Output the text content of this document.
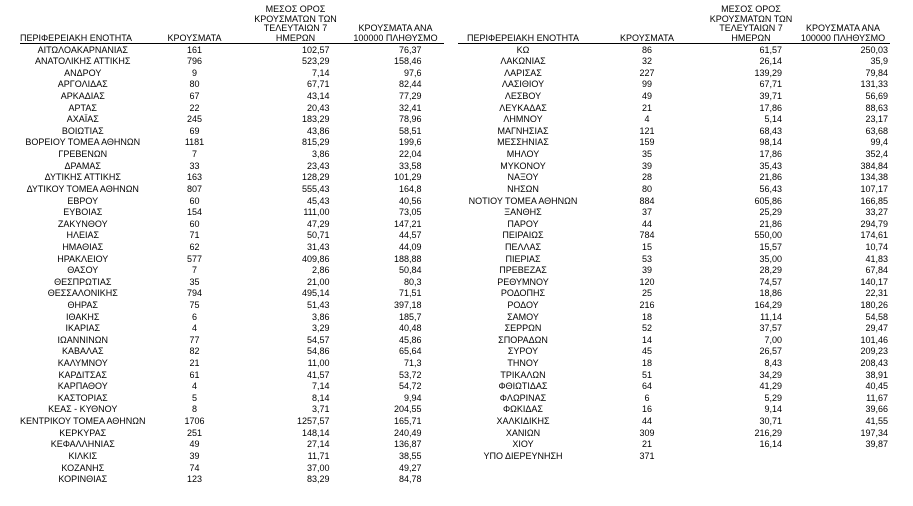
ΠΕΡΙΦΕΡΕΙΑΚΗ ΕΝΟΤΗΤΑ	ΚΡΟΥΣΜΑΤΑ	ΜΕΣΟΣ ΟΡΟΣ ΚΡΟΥΣΜΑΤΩΝ ΤΩΝ ΤΕΛΕΥΤΑΙΩΝ 7 ΗΜΕΡΩΝ	ΚΡΟΥΣΜΑΤΑ ΑΝΑ 100000 ΠΛΗΘΥΣΜΟ
ΑΙΤΩΛΟΑΚΑΡΝΑΝΙΑΣ	161	102,57	76,37
ΑΝΑΤΟΛΙΚΗΣ ΑΤΤΙΚΗΣ	796	523,29	158,46
ΑΝΔΡΟΥ	9	7,14	97,6
ΑΡΓΟΛΙΔΑΣ	80	67,71	82,44
ΑΡΚΑΔΙΑΣ	67	43,14	77,29
ΑΡΤΑΣ	22	20,43	32,41
ΑΧΑΪΑΣ	245	183,29	78,96
ΒΟΙΩΤΙΑΣ	69	43,86	58,51
ΒΟΡΕΙΟΥ ΤΟΜΕΑ ΑΘΗΝΩΝ	1181	815,29	199,6
ΓΡΕΒΕΝΩΝ	7	3,86	22,04
ΔΡΑΜΑΣ	33	23,43	33,58
ΔΥΤΙΚΗΣ ΑΤΤΙΚΗΣ	163	128,29	101,29
ΔΥΤΙΚΟΥ ΤΟΜΕΑ ΑΘΗΝΩΝ	807	555,43	164,8
ΕΒΡΟΥ	60	45,43	40,56
ΕΥΒΟΙΑΣ	154	111,00	73,05
ΖΑΚΥΝΘΟΥ	60	47,29	147,21
ΗΛΕΙΑΣ	71	50,71	44,57
ΗΜΑΘΙΑΣ	62	31,43	44,09
ΗΡΑΚΛΕΙΟΥ	577	409,86	188,88
ΘΑΣΟΥ	7	2,86	50,84
ΘΕΣΠΡΩΤΙΑΣ	35	21,00	80,3
ΘΕΣΣΑΛΟΝΙΚΗΣ	794	495,14	71,51
ΘΗΡΑΣ	75	51,43	397,18
ΙΘΑΚΗΣ	6	3,86	185,7
ΙΚΑΡΙΑΣ	4	3,29	40,48
ΙΩΑΝΝΙΝΩΝ	77	54,57	45,86
ΚΑΒΑΛΑΣ	82	54,86	65,64
ΚΑΛΥΜΝΟΥ	21	11,00	71,3
ΚΑΡΔΙΤΣΑΣ	61	41,57	53,72
ΚΑΡΠΑΘΟΥ	4	7,14	54,72
ΚΑΣΤΟΡΙΑΣ	5	8,14	9,94
ΚΕΑΣ - ΚΥΘΝΟΥ	8	3,71	204,55
ΚΕΝΤΡΙΚΟΥ ΤΟΜΕΑ ΑΘΗΝΩΝ	1706	1257,57	165,71
ΚΕΡΚΥΡΑΣ	251	148,14	240,49
ΚΕΦΑΛΛΗΝΙΑΣ	49	27,14	136,87
ΚΙΛΚΙΣ	39	11,71	38,55
ΚΟΖΑΝΗΣ	74	37,00	49,27
ΚΟΡΙΝΘΙΑΣ	123	83,29	84,78
ΠΕΡΙΦΕΡΕΙΑΚΗ ΕΝΟΤΗΤΑ	ΚΡΟΥΣΜΑΤΑ	ΜΕΣΟΣ ΟΡΟΣ ΚΡΟΥΣΜΑΤΩΝ ΤΩΝ ΤΕΛΕΥΤΑΙΩΝ 7 ΗΜΕΡΩΝ	ΚΡΟΥΣΜΑΤΑ ΑΝΑ 100000 ΠΛΗΘΥΣΜΟ
ΚΩ	86	61,57	250,03
ΛΑΚΩΝΙΑΣ	32	26,14	35,9
ΛΑΡΙΣΑΣ	227	139,29	79,84
ΛΑΣΙΘΙΟΥ	99	67,71	131,33
ΛΕΣΒΟΥ	49	39,71	56,69
ΛΕΥΚΑΔΑΣ	21	17,86	88,63
ΛΗΜΝΟΥ	4	5,14	23,17
ΜΑΓΝΗΣΙΑΣ	121	68,43	63,68
ΜΕΣΣΗΝΙΑΣ	159	98,14	99,4
ΜΗΛΟΥ	35	17,86	352,4
ΜΥΚΟΝΟΥ	39	35,43	384,84
ΝΑΞΟΥ	28	21,86	134,38
ΝΗΣΩΝ	80	56,43	107,17
ΝΟΤΙΟΥ ΤΟΜΕΑ ΑΘΗΝΩΝ	884	605,86	166,85
ΞΑΝΘΗΣ	37	25,29	33,27
ΠΑΡΟΥ	44	21,86	294,79
ΠΕΙΡΑΙΩΣ	784	550,00	174,61
ΠΕΛΛΑΣ	15	15,57	10,74
ΠΙΕΡΙΑΣ	53	35,00	41,83
ΠΡΕΒΕΖΑΣ	39	28,29	67,84
ΡΕΘΥΜΝΟΥ	120	74,57	140,17
ΡΟΔΟΠΗΣ	25	18,86	22,31
ΡΟΔΟΥ	216	164,29	180,26
ΣΑΜΟΥ	18	11,14	54,58
ΣΕΡΡΩΝ	52	37,57	29,47
ΣΠΟΡΑΔΩΝ	14	7,00	101,46
ΣΥΡΟΥ	45	26,57	209,23
ΤΗΝΟΥ	18	8,43	208,43
ΤΡΙΚΑΛΩΝ	51	34,29	38,91
ΦΘΙΩΤΙΔΑΣ	64	41,29	40,45
ΦΛΩΡΙΝΑΣ	6	5,29	11,67
ΦΩΚΙΔΑΣ	16	9,14	39,66
ΧΑΛΚΙΔΙΚΗΣ	44	30,71	41,55
ΧΑΝΙΩΝ	309	216,29	197,34
ΧΙΟΥ	21	16,14	39,87
ΥΠΟ ΔΙΕΡΕΥΝΗΣΗ	371		
